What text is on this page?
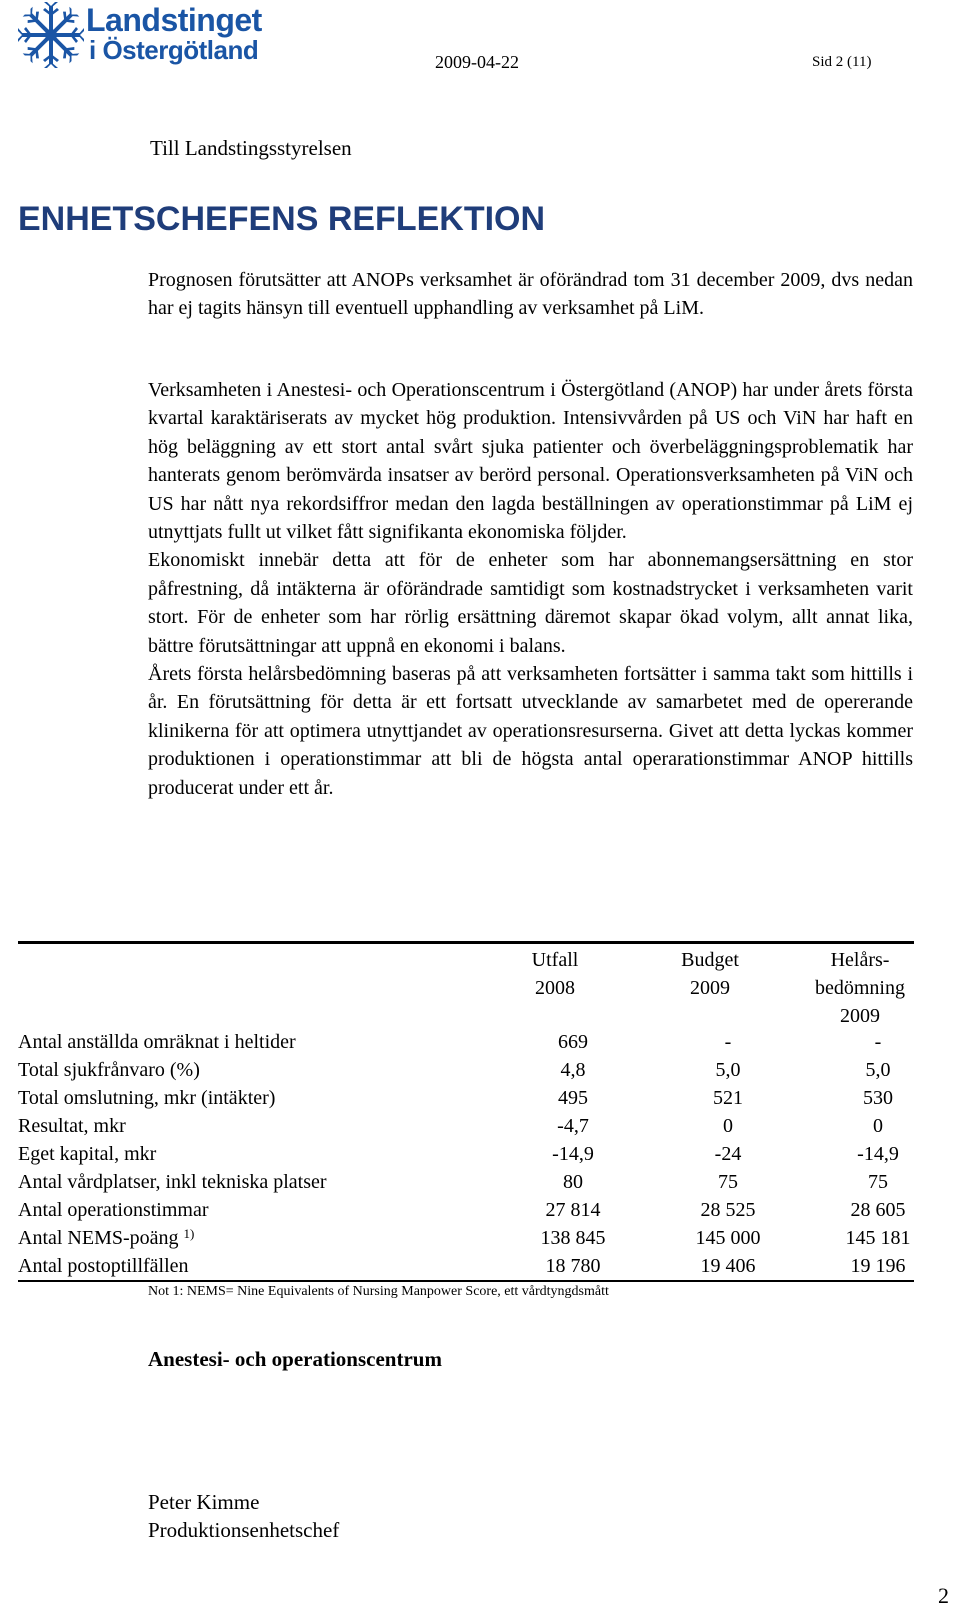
Landstinget
i Östergötland	2009-04-22	Sid 2 (11)
Till Landstingsstyrelsen
ENHETSCHEFENS REFLEKTION

Prognosen förutsätter att ANOPs verksamhet är oförändrad tom 31 december 2009, dvs nedan har ej tagits hänsyn till eventuell upphandling av verksamhet på LiM.

Verksamheten i Anestesi- och Operationscentrum i Östergötland (ANOP) har under årets första kvartal karaktäriserats av mycket hög produktion. Intensivvården på US och ViN har haft en hög beläggning av ett stort antal svårt sjuka patienter och överbeläggningsproblematik har hanterats genom berömvärda insatser av berörd personal. Operationsverksamheten på ViN och US har nått nya rekordsiffror medan den lagda beställningen av operationstimmar på LiM ej utnyttjats fullt ut vilket fått signifikanta ekonomiska följder.

Ekonomiskt innebär detta att för de enheter som har abonnemangsersättning en stor påfrestning, då intäkterna är oförändrade samtidigt som kostnadstrycket i verksamheten varit stort. För de enheter som har rörlig ersättning däremot skapar ökad volym, allt annat lika, bättre förutsättningar att uppnå en ekonomi i balans.

Årets första helårsbedömning baseras på att verksamheten fortsätter i samma takt som hittills i år. En förutsättning för detta är ett fortsatt utvecklande av samarbetet med de opererande klinikerna för att optimera utnyttjandet av operationsresurserna. Givet att detta lyckas kommer produktionen i operationstimmar att bli de högsta antal operarationstimmar ANOP hittills producerat under ett år.

Utfall
2008
Budget
2009
Helårs-
bedömning
2009
Antal anställda omräknat i heltider	669	-	-
Total sjukfrånvaro (%)	4,8	5,0	5,0
Total omslutning, mkr (intäkter)	495	521	530
Resultat, mkr	-4,7	0	0
Eget kapital, mkr	-14,9	-24	-14,9
Antal vårdplatser, inkl tekniska platser	80	75	75
Antal operationstimmar	27 814	28 525	28 605
Antal NEMS-poäng $^{1)}$	138 845	145 000	145 181
Antal postoptillfällen	18 780	19 406	19 196
Not 1: NEMS= Nine Equivalents of Nursing Manpower Score, ett vårdtyngdsmått
Anestesi- och operationscentrum
Peter Kimme
Produktionsenhetschef
2
